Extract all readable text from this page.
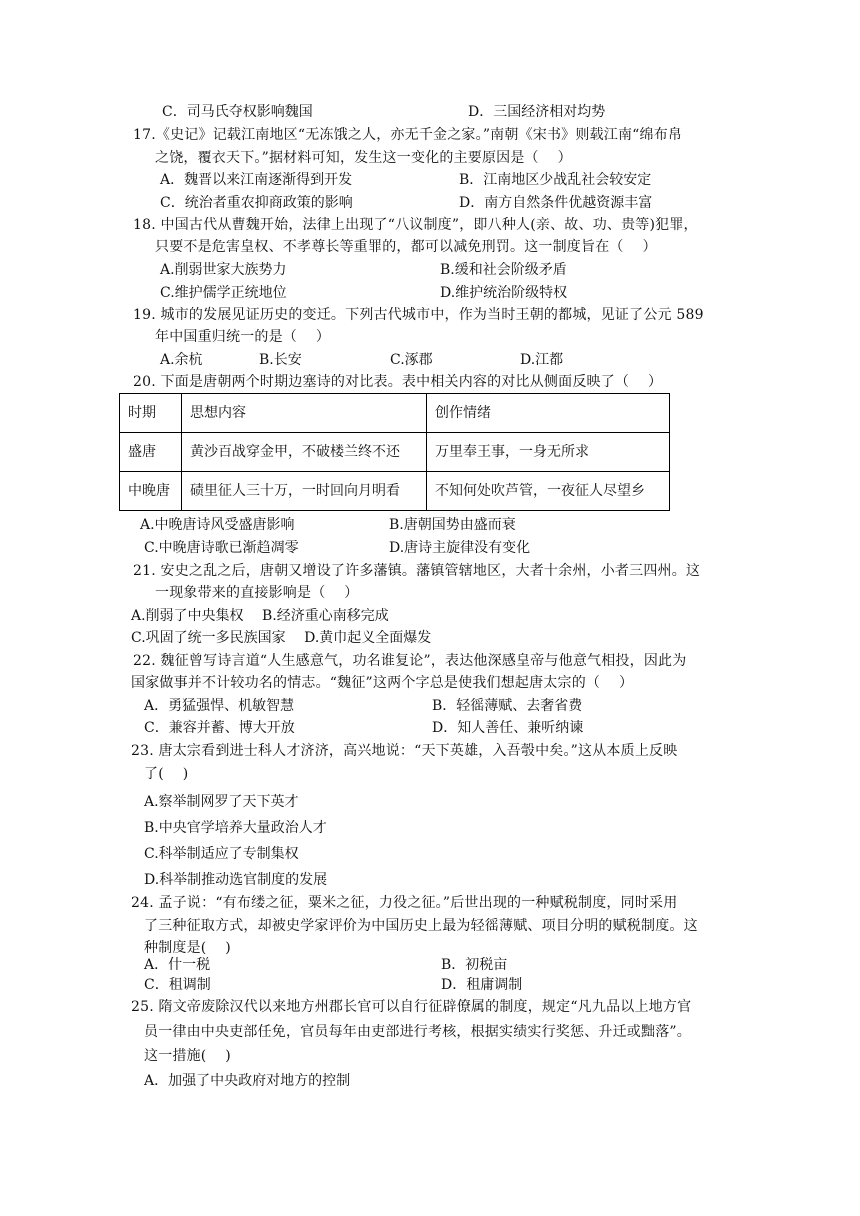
C．司马氏夺权影响魏国	D．三国经济相对均势
17.《史记》记载江南地区“无冻饿之人，亦无千金之家。”南朝《宋书》则载江南“绵布帛
之饶，覆衣天下。”据材料可知，发生这一变化的主要原因是（　 ）
A．魏晋以来江南逐渐得到开发	B．江南地区少战乱社会较安定
C．统治者重农抑商政策的影响	D．南方自然条件优越资源丰富
18. 中国古代从曹魏开始，法律上出现了“八议制度”，即八种人(亲、故、功、贵等)犯罪，
只要不是危害皇权、不孝尊长等重罪的，都可以减免刑罚。这一制度旨在（　 ）
A.削弱世家大族势力	B.缓和社会阶级矛盾
C.维护儒学正统地位	D.维护统治阶级特权
19. 城市的发展见证历史的变迁。下列古代城市中，作为当时王朝的都城，见证了公元 589
年中国重归统一的是（　 ）
A.余杭	B.长安	C.涿郡	D.江都
20. 下面是唐朝两个时期边塞诗的对比表。表中相关内容的对比从侧面反映了（　 ）
时期	思想内容	创作情绪
盛唐	黄沙百战穿金甲，不破楼兰终不还	万里奉王事，一身无所求
中晚唐	碛里征人三十万，一时回向月明看	不知何处吹芦管，一夜征人尽望乡
A.中晚唐诗风受盛唐影响	B.唐朝国势由盛而衰
C.中晚唐诗歌已渐趋凋零	D.唐诗主旋律没有变化
21. 安史之乱之后，唐朝又增设了许多藩镇。藩镇管辖地区，大者十余州，小者三四州。这
一现象带来的直接影响是（　 ）
A.削弱了中央集权　 B.经济重心南移完成
C.巩固了统一多民族国家　 D.黄巾起义全面爆发
22. 魏征曾写诗言道“人生感意气，功名谁复论”，表达他深感皇帝与他意气相投，因此为
国家做事并不计较功名的情志。“魏征”这两个字总是使我们想起唐太宗的（　 ）
A．勇猛强悍、机敏智慧	B．轻徭薄赋、去奢省费
C．兼容并蓄、博大开放	D．知人善任、兼听纳谏
23. 唐太宗看到进士科人才济济，高兴地说：“天下英雄，入吾彀中矣。”这从本质上反映
了(　 )
A.察举制网罗了天下英才
B.中央官学培养大量政治人才
C.科举制适应了专制集权
D.科举制推动选官制度的发展
24. 孟子说：“有布缕之征，粟米之征，力役之征。”后世出现的一种赋税制度，同时采用
了三种征取方式，却被史学家评价为中国历史上最为轻徭薄赋、项目分明的赋税制度。这
种制度是(　 )
A．什一税	B．初税亩
C．租调制	D．租庸调制
25. 隋文帝废除汉代以来地方州郡长官可以自行征辟僚属的制度，规定“凡九品以上地方官
员一律由中央吏部任免，官员每年由吏部进行考核，根据实绩实行奖惩、升迁或黜落”。
这一措施(　 )
A．加强了中央政府对地方的控制
